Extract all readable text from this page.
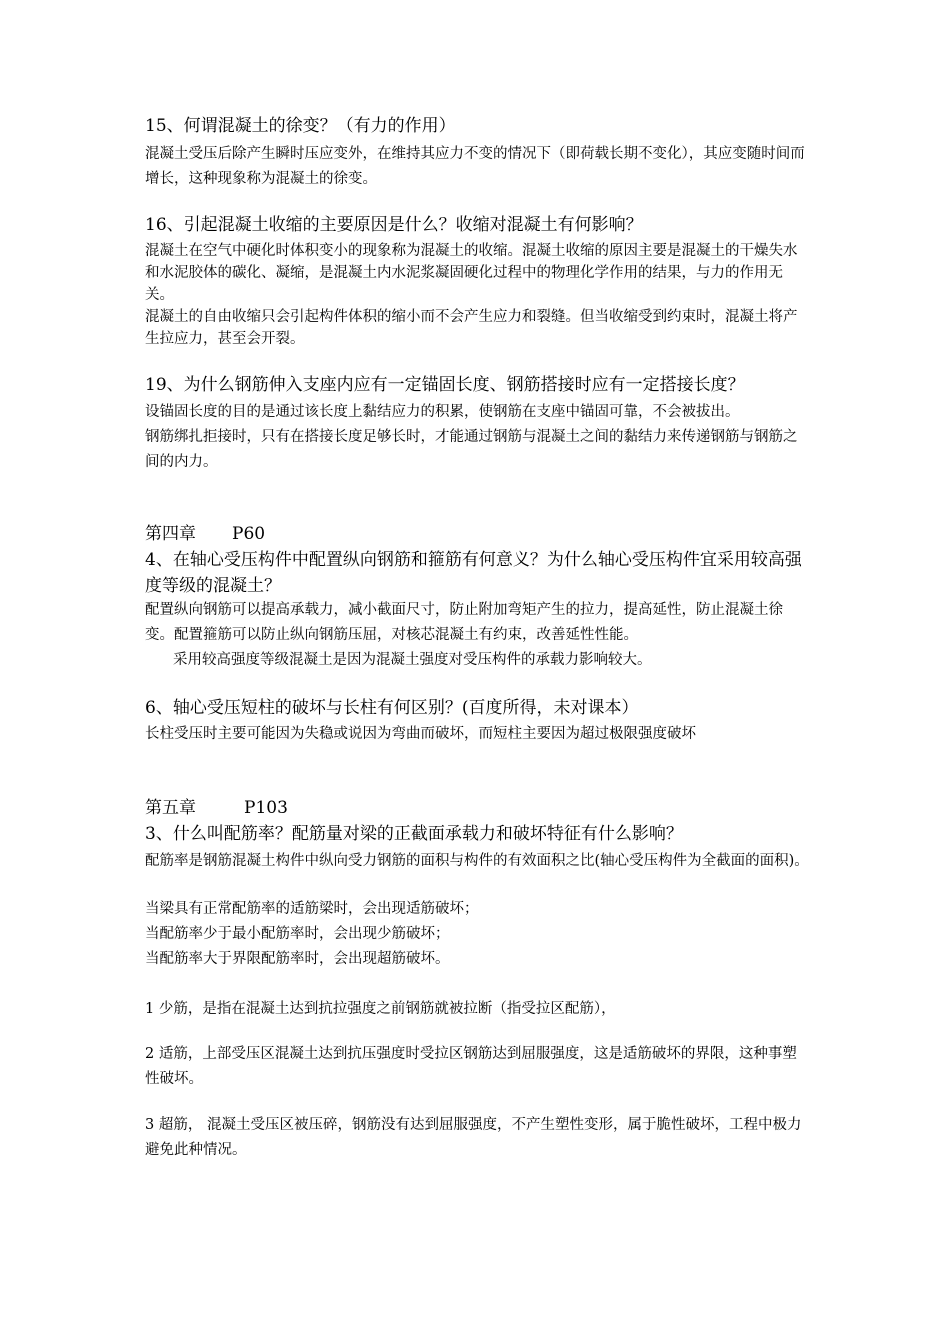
15、何谓混凝土的徐变？（有力的作用）

混凝土受压后除产生瞬时压应变外，在维持其应力不变的情况下（即荷载长期不变化），其应变随时间而增长，这种现象称为混凝土的徐变。

16、引起混凝土收缩的主要原因是什么？收缩对混凝土有何影响？

混凝土在空气中硬化时体积变小的现象称为混凝土的收缩。混凝土收缩的原因主要是混凝土的干燥失水和水泥胶体的碳化、凝缩，是混凝土内水泥浆凝固硬化过程中的物理化学作用的结果，与力的作用无关。

混凝土的自由收缩只会引起构件体积的缩小而不会产生应力和裂缝。但当收缩受到约束时，混凝土将产生拉应力，甚至会开裂。

19、为什么钢筋伸入支座内应有一定锚固长度、钢筋搭接时应有一定搭接长度？

设锚固长度的目的是通过该长度上黏结应力的积累，使钢筋在支座中锚固可靠，不会被拔出。

钢筋绑扎拒接时，只有在搭接长度足够长时，才能通过钢筋与混凝土之间的黏结力来传递钢筋与钢筋之间的内力。

第四章 P60

4、在轴心受压构件中配置纵向钢筋和箍筋有何意义？为什么轴心受压构件宜采用较高强度等级的混凝土？

配置纵向钢筋可以提高承载力，减小截面尺寸，防止附加弯矩产生的拉力，提高延性，防止混凝土徐变。配置箍筋可以防止纵向钢筋压屈，对核芯混凝土有约束，改善延性性能。

采用较高强度等级混凝土是因为混凝土强度对受压构件的承载力影响较大。

6、轴心受压短柱的破坏与长柱有何区别？(百度所得，未对课本）

长柱受压时主要可能因为失稳或说因为弯曲而破坏，而短柱主要因为超过极限强度破坏

第五章	P103

3、什么叫配筋率？配筋量对梁的正截面承载力和破坏特征有什么影响？

配筋率是钢筋混凝土构件中纵向受力钢筋的面积与构件的有效面积之比(轴心受压构件为全截面的面积)。

当梁具有正常配筋率的适筋梁时，会出现适筋破坏；

当配筋率少于最小配筋率时，会出现少筋破坏；

当配筋率大于界限配筋率时，会出现超筋破坏。

1 少筋，是指在混凝土达到抗拉强度之前钢筋就被拉断（指受拉区配筋），

2 适筋，上部受压区混凝土达到抗压强度时受拉区钢筋达到屈服强度，这是适筋破坏的界限，这种事塑性破坏。

3 超筋， 混凝土受压区被压碎，钢筋没有达到屈服强度，不产生塑性变形，属于脆性破坏，工程中极力避免此种情况。
